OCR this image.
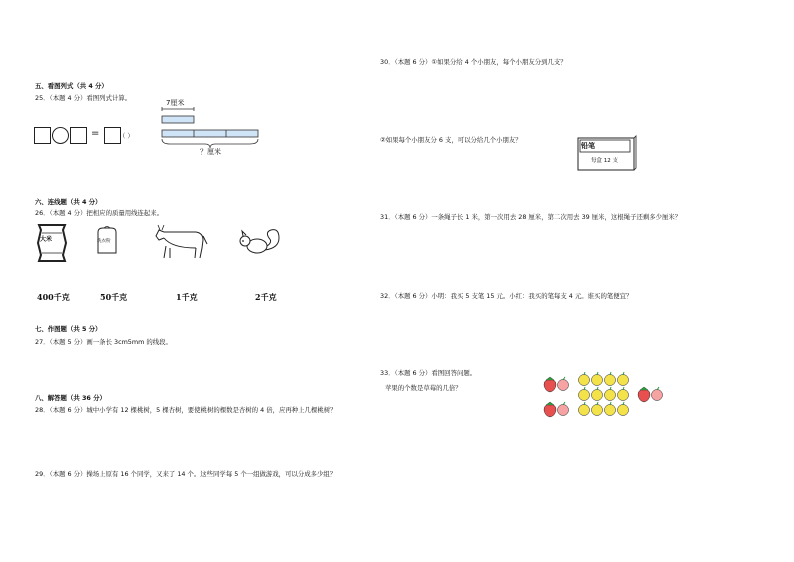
五、看图列式（共 4 分）
25．（本题 4 分）看图列式计算。
=	（ ）
7厘米
？厘米
六、连线题（共 4 分）
26．（本题 4 分）把相应的质量用线连起来。
大米	洗衣粉
400千克	50千克	1千克	2千克
七、作图题（共 5 分）
27．（本题 5 分）画一条长 3cm5mm 的线段。
八、解答题（共 36 分）
28．（本题 6 分）城中小学有 12 棵桃树，5 棵杏树，要使桃树的棵数是杏树的 4 倍，应再种上几棵桃树？
29．（本题 6 分）操场上原有 16 个同学，又来了 14 个。这些同学每 5 个一组做游戏，可以分成多少组？
30．（本题 6 分）①如果分给 4 个小朋友，每个小朋友分到几支？
②如果每个小朋友分 6 支，可以分给几个小朋友？
铅笔
每盒 12 支
31．（本题 6 分）一条绳子长 1 米，第一次用去 28 厘米，第二次用去 39 厘米，这根绳子还剩多少厘米？
32．（本题 6 分）小明：我买 5 支笔 15 元。小红：我买的笔每支 4 元。谁买的笔便宜？
33．（本题 6 分）看图回答问题。
苹果的个数是草莓的几倍？
